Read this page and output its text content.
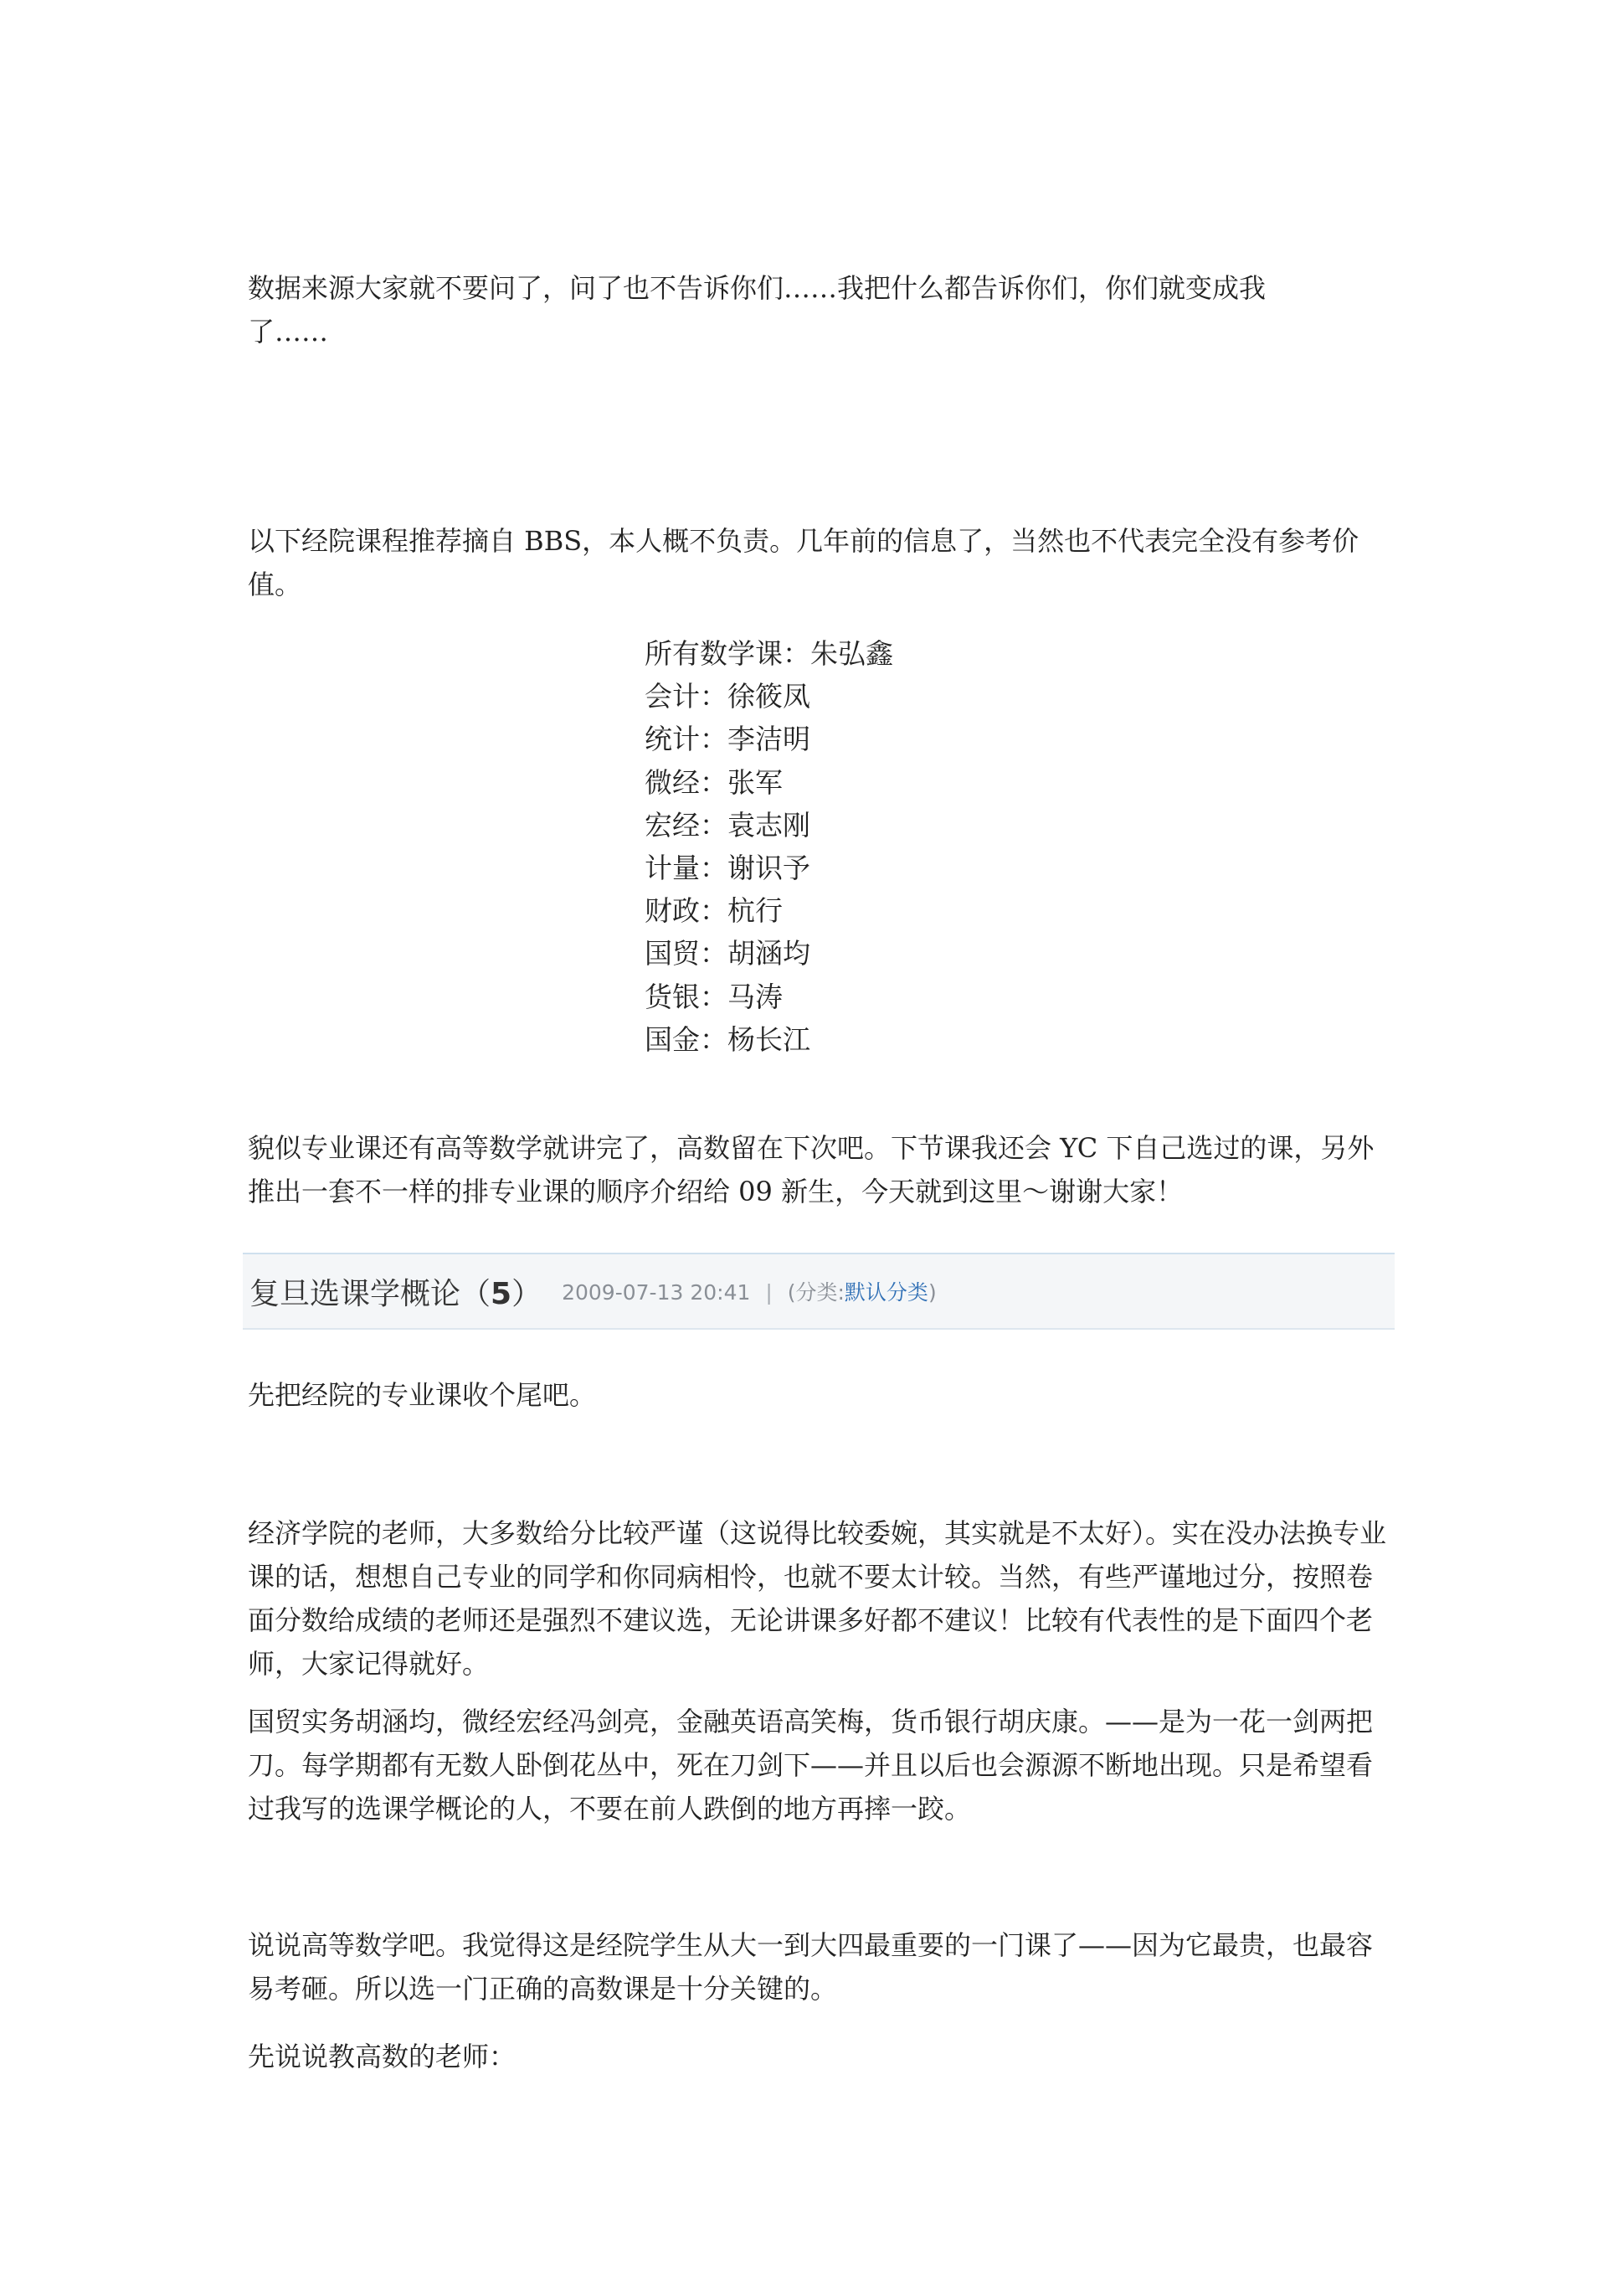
数据来源大家就不要问了，问了也不告诉你们……我把什么都告诉你们，你们就变成我
了……

以下经院课程推荐摘自 BBS，本人概不负责。几年前的信息了，当然也不代表完全没有参考价值。

所有数学课：朱弘鑫
会计：徐筱凤
统计：李洁明
微经：张军
宏经：袁志刚
计量：谢识予
财政：杭行
国贸：胡涵均
货银：马涛
国金：杨长江

貌似专业课还有高等数学就讲完了，高数留在下次吧。下节课我还会 YC 下自己选过的课，另外推出一套不一样的排专业课的顺序介绍给 09 新生，今天就到这里～谢谢大家！

复旦选课学概论（5） 2009-07-13 20:41 | (分类:默认分类)

先把经院的专业课收个尾吧。

经济学院的老师，大多数给分比较严谨（这说得比较委婉，其实就是不太好）。实在没办法换专业课的话，想想自己专业的同学和你同病相怜，也就不要太计较。当然，有些严谨地过分，按照卷面分数给成绩的老师还是强烈不建议选，无论讲课多好都不建议！比较有代表性的是下面四个老师，大家记得就好。

国贸实务胡涵均，微经宏经冯剑亮，金融英语高笑梅，货币银行胡庆康。——是为一花一剑两把刀。每学期都有无数人卧倒花丛中，死在刀剑下——并且以后也会源源不断地出现。只是希望看过我写的选课学概论的人，不要在前人跌倒的地方再摔一跤。

说说高等数学吧。我觉得这是经院学生从大一到大四最重要的一门课了——因为它最贵，也最容易考砸。所以选一门正确的高数课是十分关键的。

先说说教高数的老师：
